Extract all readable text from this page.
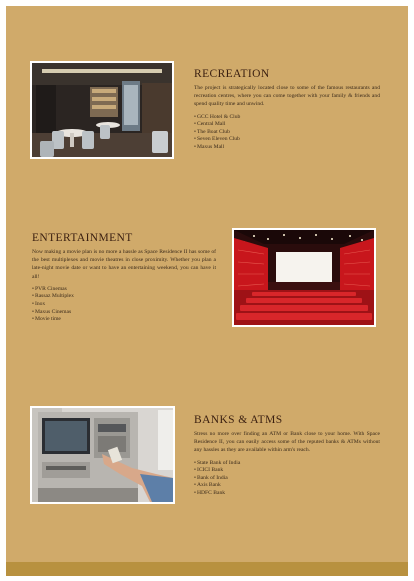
RECREATION

The project is strategically located close to some of the famous restaurants and recreation centres, where you can come together with your family & friends and spend quality time and unwind.

• GCC Hotel & Club
• Central Mall
• The Boat Club
• Seven Eleven Club
• Maxus Mall
ENTERTAINMENT

Now making a movie plan is no more a hassle as Space Residence II has some of the best multiplexes and movie theatres in close proximity. Whether you plan a late-night movie date or want to have an entertaining weekend, you can have it all!

• PVR Cinemas
• Rassaz Multiplex
• Inox
• Maxus Cinemas
• Movie time
BANKS & ATMS

Stress no more over finding an ATM or Bank close to your home. With Space Residence II, you can easily access some of the reputed banks & ATMs without any hassles as they are available within arm's reach.

• State Bank of India
• ICICI Bank
• Bank of India
• Axis Bank
• HDFC Bank
